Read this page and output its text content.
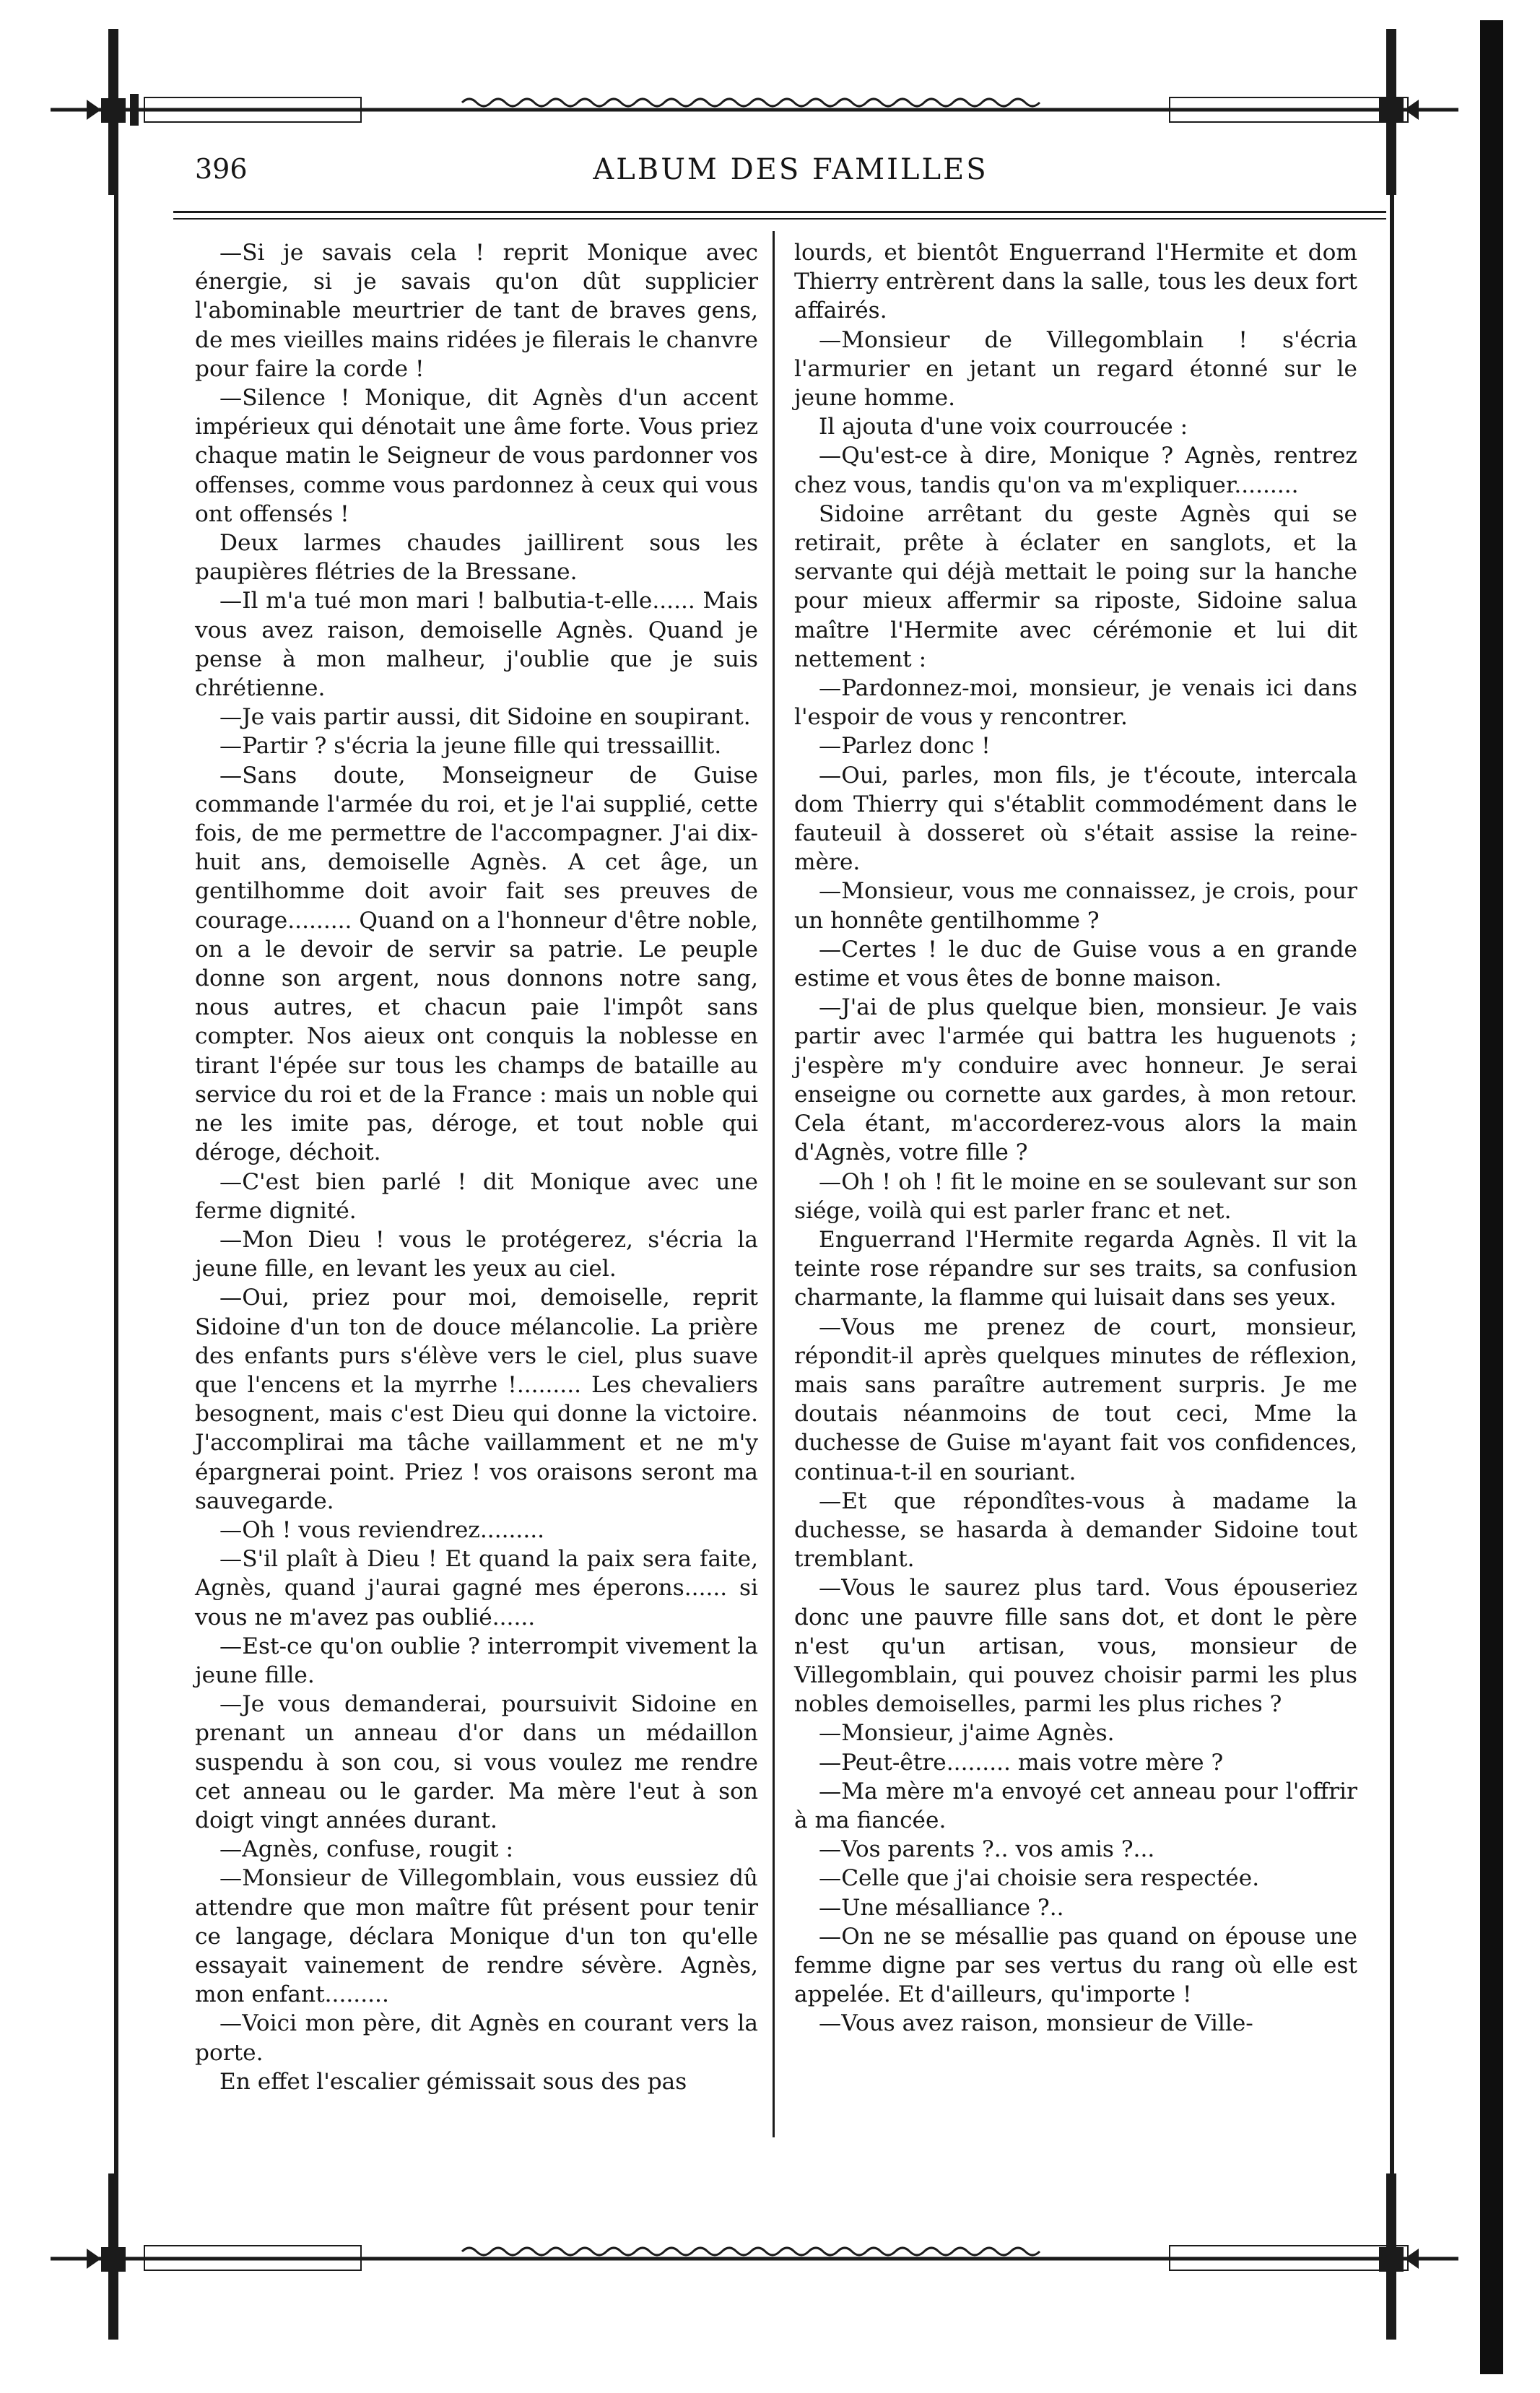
396	ALBUM DES FAMILLES

—Si je savais cela ! reprit Monique avec énergie, si je savais qu'on dût supplicier l'abominable meurtrier de tant de braves gens, de mes vieilles mains ridées je filerais le chanvre pour faire la corde !

—Silence ! Monique, dit Agnès d'un accent impérieux qui dénotait une âme forte. Vous priez chaque matin le Seigneur de vous pardonner vos offenses, comme vous pardonnez à ceux qui vous ont offensés !

Deux larmes chaudes jaillirent sous les paupières flétries de la Bressane.

—Il m'a tué mon mari ! balbutia-t-elle...... Mais vous avez raison, demoiselle Agnès. Quand je pense à mon malheur, j'oublie que je suis chrétienne.

—Je vais partir aussi, dit Sidoine en soupirant.

—Partir ? s'écria la jeune fille qui tressaillit.

—Sans doute, Monseigneur de Guise commande l'armée du roi, et je l'ai supplié, cette fois, de me permettre de l'accompagner. J'ai dix-huit ans, demoiselle Agnès. A cet âge, un gentilhomme doit avoir fait ses preuves de courage......... Quand on a l'honneur d'être noble, on a le devoir de servir sa patrie. Le peuple donne son argent, nous donnons notre sang, nous autres, et chacun paie l'impôt sans compter. Nos aieux ont conquis la noblesse en tirant l'épée sur tous les champs de bataille au service du roi et de la France : mais un noble qui ne les imite pas, déroge, et tout noble qui déroge, déchoit.

—C'est bien parlé ! dit Monique avec une ferme dignité.

—Mon Dieu ! vous le protégerez, s'écria la jeune fille, en levant les yeux au ciel.

—Oui, priez pour moi, demoiselle, reprit Sidoine d'un ton de douce mélancolie. La prière des enfants purs s'élève vers le ciel, plus suave que l'encens et la myrrhe !......... Les chevaliers besognent, mais c'est Dieu qui donne la victoire. J'accomplirai ma tâche vaillamment et ne m'y épargnerai point. Priez ! vos oraisons seront ma sauvegarde.

—Oh ! vous reviendrez.........

—S'il plaît à Dieu ! Et quand la paix sera faite, Agnès, quand j'aurai gagné mes éperons...... si vous ne m'avez pas oublié......

—Est-ce qu'on oublie ? interrompit vivement la jeune fille.

—Je vous demanderai, poursuivit Sidoine en prenant un anneau d'or dans un médaillon suspendu à son cou, si vous voulez me rendre cet anneau ou le garder. Ma mère l'eut à son doigt vingt années durant.

—Agnès, confuse, rougit :

—Monsieur de Villegomblain, vous eussiez dû attendre que mon maître fût présent pour tenir ce langage, déclara Monique d'un ton qu'elle essayait vainement de rendre sévère. Agnès, mon enfant.........

—Voici mon père, dit Agnès en courant vers la porte.

En effet l'escalier gémissait sous des pas

lourds, et bientôt Enguerrand l'Hermite et dom Thierry entrèrent dans la salle, tous les deux fort affairés.

—Monsieur de Villegomblain ! s'écria l'armurier en jetant un regard étonné sur le jeune homme.

Il ajouta d'une voix courroucée :

—Qu'est-ce à dire, Monique ? Agnès, rentrez chez vous, tandis qu'on va m'expliquer.........

Sidoine arrêtant du geste Agnès qui se retirait, prête à éclater en sanglots, et la servante qui déjà mettait le poing sur la hanche pour mieux affermir sa riposte, Sidoine salua maître l'Hermite avec cérémonie et lui dit nettement :

—Pardonnez-moi, monsieur, je venais ici dans l'espoir de vous y rencontrer.

—Parlez donc !

—Oui, parles, mon fils, je t'écoute, intercala dom Thierry qui s'établit commodément dans le fauteuil à dosseret où s'était assise la reine-mère.

—Monsieur, vous me connaissez, je crois, pour un honnête gentilhomme ?

—Certes ! le duc de Guise vous a en grande estime et vous êtes de bonne maison.

—J'ai de plus quelque bien, monsieur. Je vais partir avec l'armée qui battra les huguenots ; j'espère m'y conduire avec honneur. Je serai enseigne ou cornette aux gardes, à mon retour. Cela étant, m'accorderez-vous alors la main d'Agnès, votre fille ?

—Oh ! oh ! fit le moine en se soulevant sur son siége, voilà qui est parler franc et net.

Enguerrand l'Hermite regarda Agnès. Il vit la teinte rose répandre sur ses traits, sa confusion charmante, la flamme qui luisait dans ses yeux.

—Vous me prenez de court, monsieur, répondit-il après quelques minutes de réflexion, mais sans paraître autrement surpris. Je me doutais néanmoins de tout ceci, Mme la duchesse de Guise m'ayant fait vos confidences, continua-t-il en souriant.

—Et que répondîtes-vous à madame la duchesse, se hasarda à demander Sidoine tout tremblant.

—Vous le saurez plus tard. Vous épouseriez donc une pauvre fille sans dot, et dont le père n'est qu'un artisan, vous, monsieur de Villegomblain, qui pouvez choisir parmi les plus nobles demoiselles, parmi les plus riches ?

—Monsieur, j'aime Agnès.

—Peut-être......... mais votre mère ?

—Ma mère m'a envoyé cet anneau pour l'offrir à ma fiancée.

—Vos parents ?.. vos amis ?...

—Celle que j'ai choisie sera respectée.

—Une mésalliance ?..

—On ne se mésallie pas quand on épouse une femme digne par ses vertus du rang où elle est appelée. Et d'ailleurs, qu'importe !

—Vous avez raison, monsieur de Ville-
